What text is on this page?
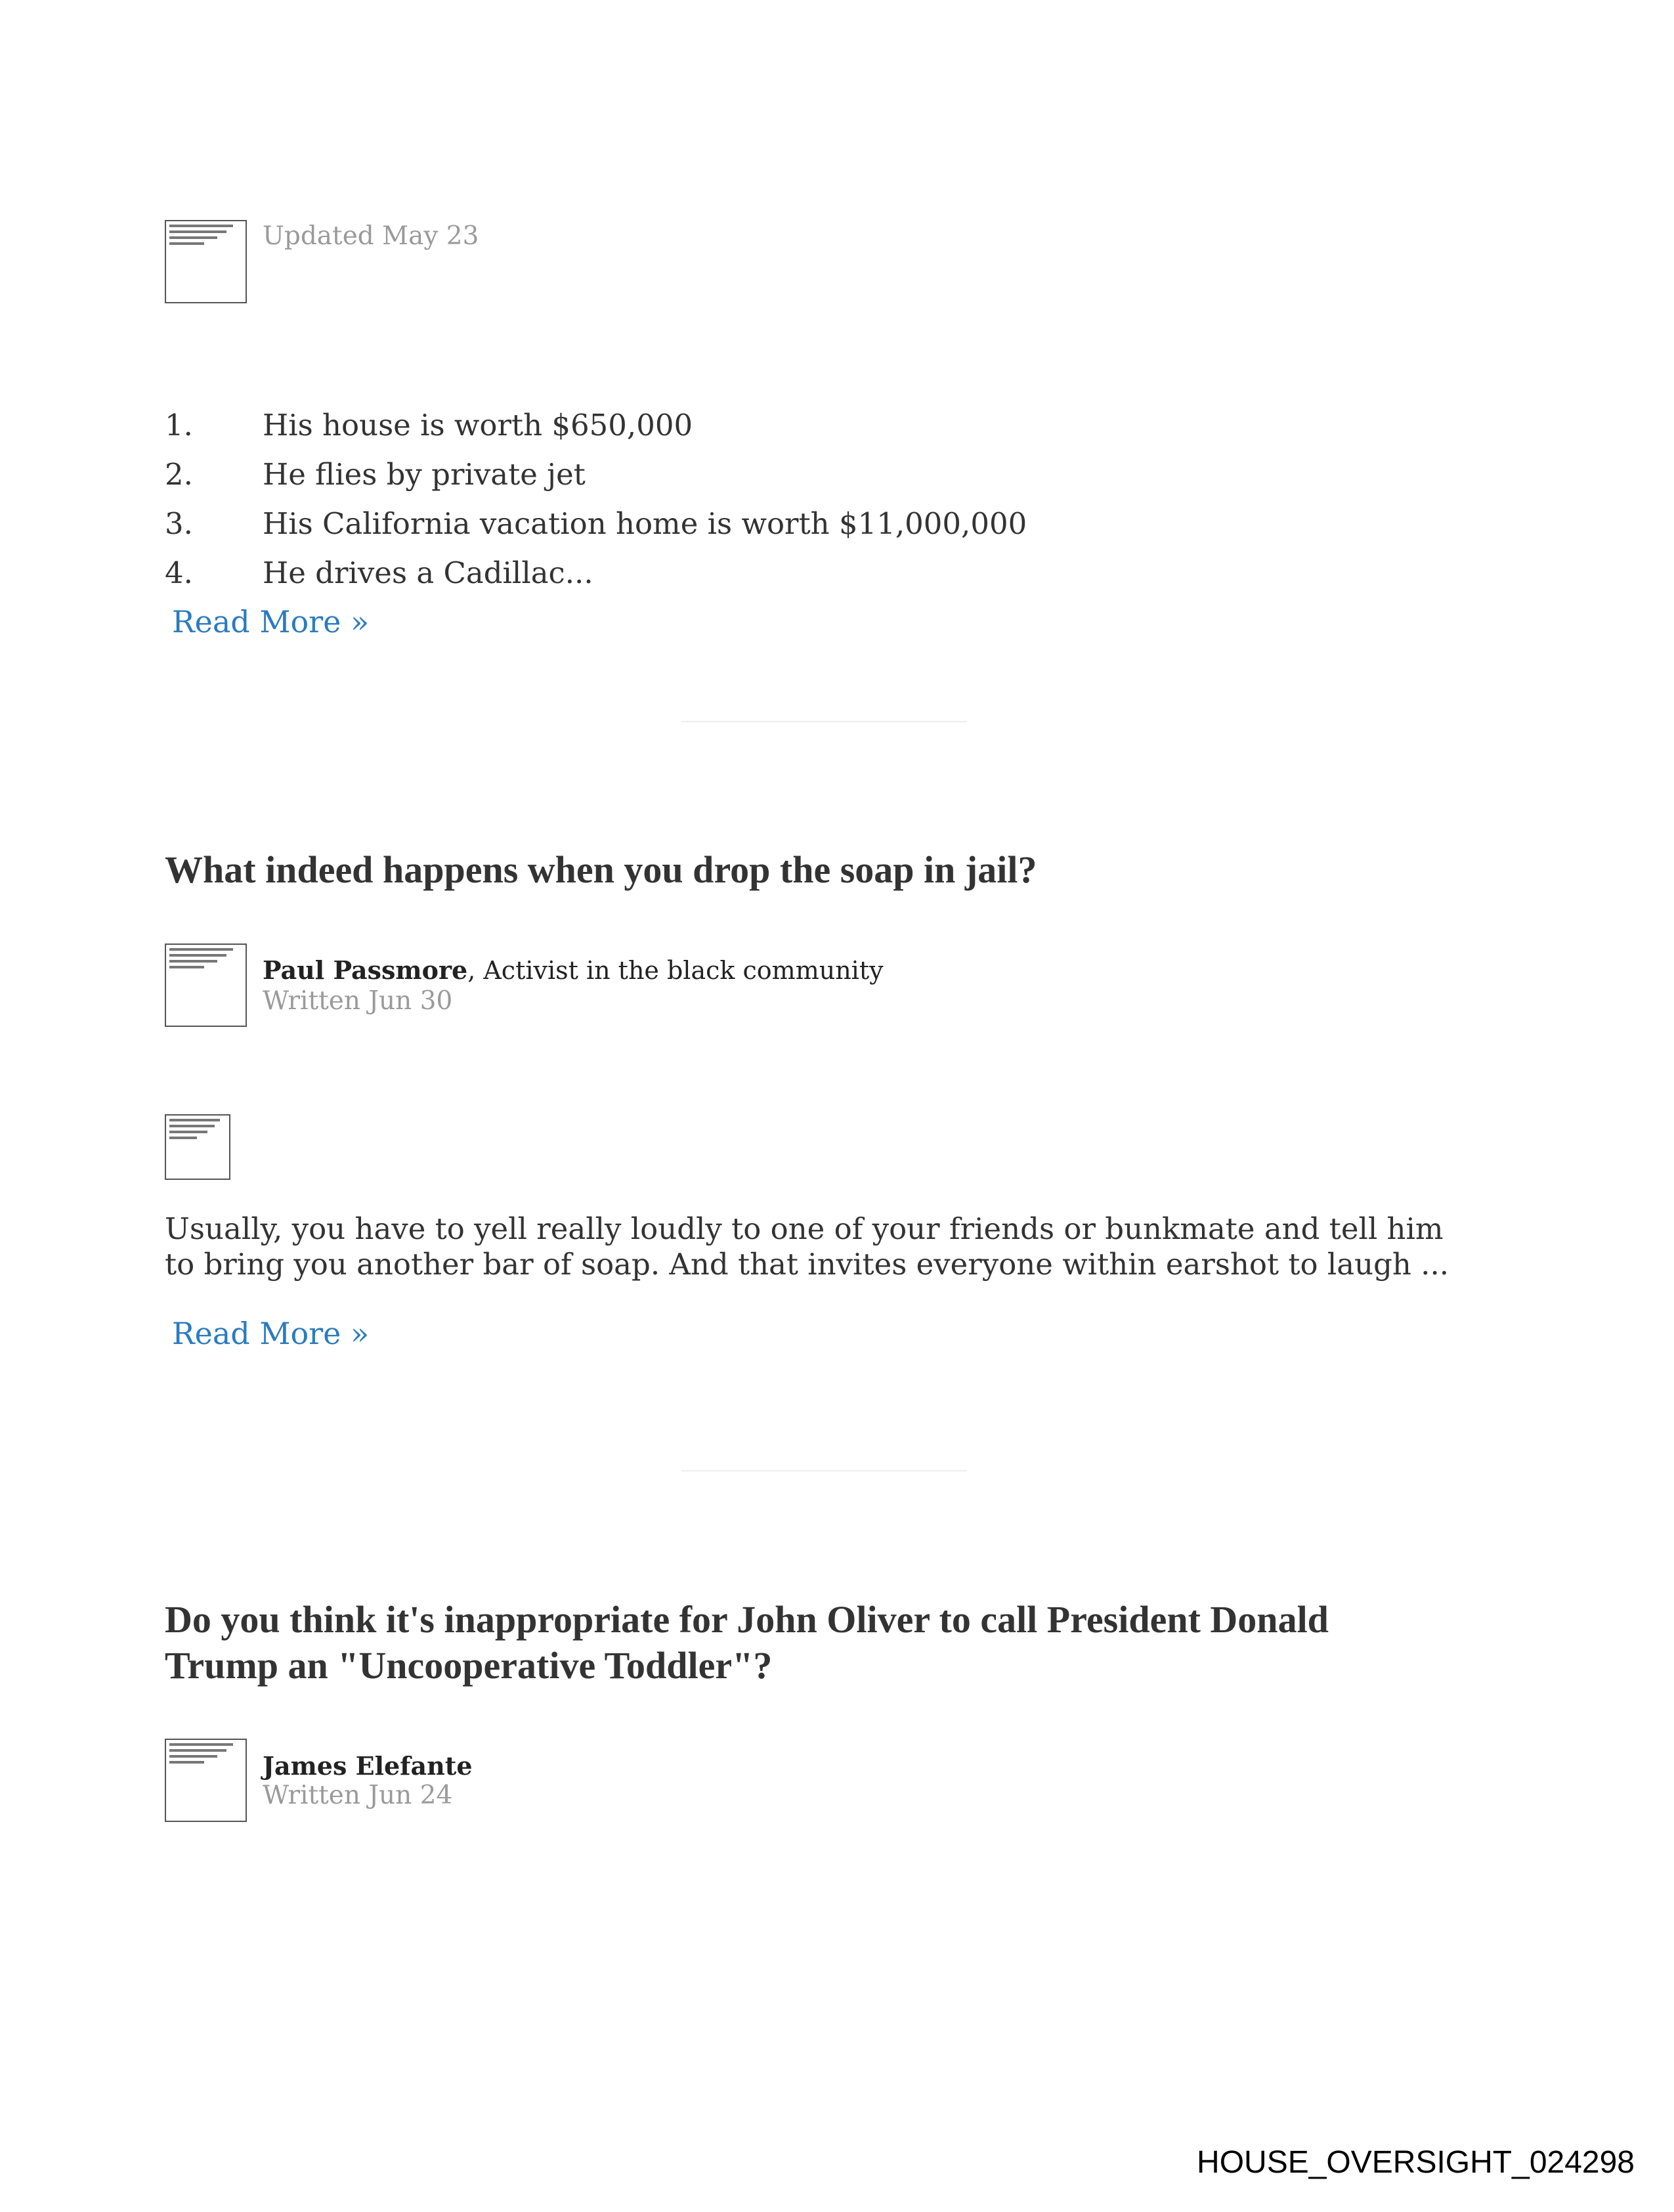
Updated May 23
1. His house is worth $650,000
2. He flies by private jet
3. His California vacation home is worth $11,000,000
4. He drives a Cadillac...
Read More »
What indeed happens when you drop the soap in jail?
Paul Passmore, Activist in the black community
Written Jun 30
Usually, you have to yell really loudly to one of your friends or bunkmate and tell him to bring you another bar of soap. And that invites everyone within earshot to laugh ...
Read More »
Do you think it's inappropriate for John Oliver to call President Donald Trump an "Uncooperative Toddler"?
James Elefante
Written Jun 24
HOUSE_OVERSIGHT_024298
